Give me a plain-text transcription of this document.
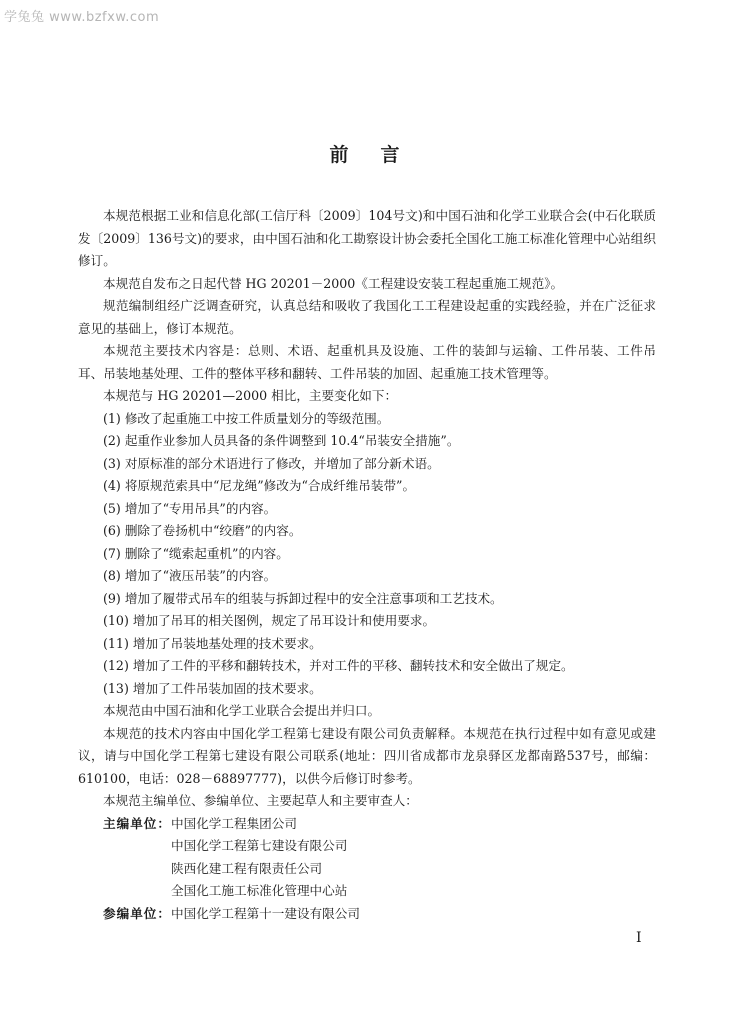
学兔兔 www.bzfxw.com
前言

本规范根据工业和信息化部(工信厅科〔2009〕104号文)和中国石油和化学工业联合会(中石化联质发〔2009〕136号文)的要求，由中国石油和化工勘察设计协会委托全国化工施工标准化管理中心站组织修订。

本规范自发布之日起代替 HG 20201－2000《工程建设安装工程起重施工规范》。

规范编制组经广泛调查研究，认真总结和吸收了我国化工工程建设起重的实践经验，并在广泛征求意见的基础上，修订本规范。

本规范主要技术内容是：总则、术语、起重机具及设施、工件的装卸与运输、工件吊装、工件吊耳、吊装地基处理、工件的整体平移和翻转、工件吊装的加固、起重施工技术管理等。

本规范与 HG 20201—2000 相比，主要变化如下：

(1) 修改了起重施工中按工件质量划分的等级范围。

(2) 起重作业参加人员具备的条件调整到 10.4“吊装安全措施”。

(3) 对原标准的部分术语进行了修改，并增加了部分新术语。

(4) 将原规范索具中“尼龙绳”修改为“合成纤维吊装带”。

(5) 增加了“专用吊具”的内容。

(6) 删除了卷扬机中“绞磨”的内容。

(7) 删除了“缆索起重机”的内容。

(8) 增加了“液压吊装”的内容。

(9) 增加了履带式吊车的组装与拆卸过程中的安全注意事项和工艺技术。

(10) 增加了吊耳的相关图例，规定了吊耳设计和使用要求。

(11) 增加了吊装地基处理的技术要求。

(12) 增加了工件的平移和翻转技术，并对工件的平移、翻转技术和安全做出了规定。

(13) 增加了工件吊装加固的技术要求。

本规范由中国石油和化学工业联合会提出并归口。

本规范的技术内容由中国化学工程第七建设有限公司负责解释。本规范在执行过程中如有意见或建议，请与中国化学工程第七建设有限公司联系(地址：四川省成都市龙泉驿区龙都南路537号，邮编：610100，电话：028－68897777)，以供今后修订时参考。

本规范主编单位、参编单位、主要起草人和主要审查人：

主编单位： 中国化学工程集团公司
中国化学工程第七建设有限公司
陕西化建工程有限责任公司
全国化工施工标准化管理中心站
参编单位： 中国化学工程第十一建设有限公司
I
